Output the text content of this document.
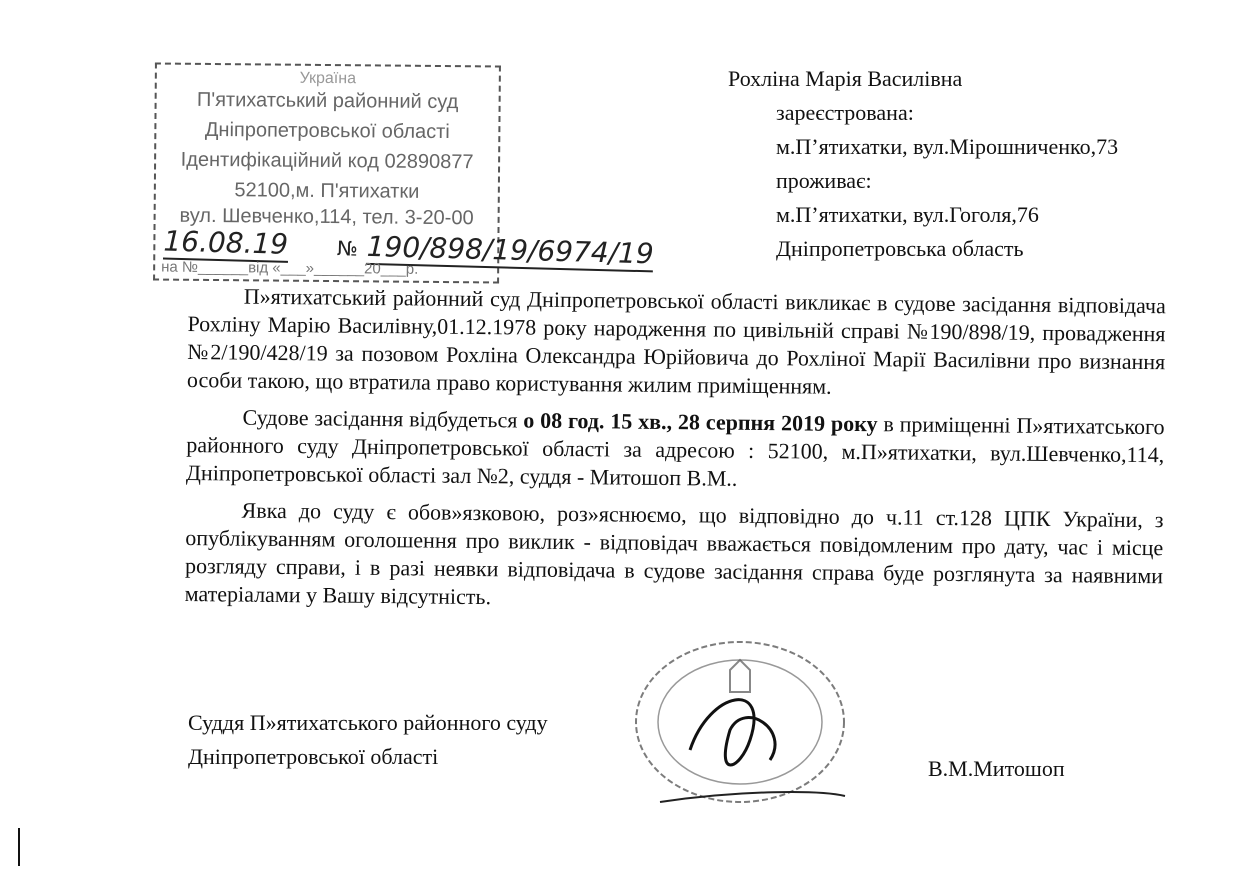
Україна
П'ятихатський районний суд
Дніпропетровської області
Ідентифікаційний код 02890877
52100,м. П'ятихатки
вул. Шевченко,114, тел. 3-20-00
16.08.19 № 190/898/19/6974/19
на №______від «___»______20___р.
Рохліна Марія Василівна
зареєстрована:
м.П’ятихатки, вул.Мірошниченко,73
проживає:
м.П’ятихатки, вул.Гоголя,76
Дніпропетровська область

П»ятихатський районний суд Дніпропетровської області викликає в судове засідання відповідача Рохліну Марію Василівну,01.12.1978 року народження по цивільній справі №190/898/19, провадження №2/190/428/19 за позовом Рохліна Олександра Юрійовича до Рохліної Марії Василівни про визнання особи такою, що втратила право користування жилим приміщенням.

Судове засідання відбудеться о 08 год. 15 хв., 28 серпня 2019 року в приміщенні П»ятихатського районного суду Дніпропетровської області за адресою : 52100, м.П»ятихатки, вул.Шевченко,114, Дніпропетровської області зал №2, суддя - Митошоп В.М..

Явка до суду є обов»язковою, роз»яснюємо, що відповідно до ч.11 ст.128 ЦПК України, з опублікуванням оголошення про виклик - відповідач вважається повідомленим про дату, час і місце розгляду справи, і в разі неявки відповідача в судове засідання справа буде розглянута за наявними матеріалами у Вашу відсутність.

Суддя П»ятихатського районного суду
Дніпропетровської області	В.М.Митошоп
